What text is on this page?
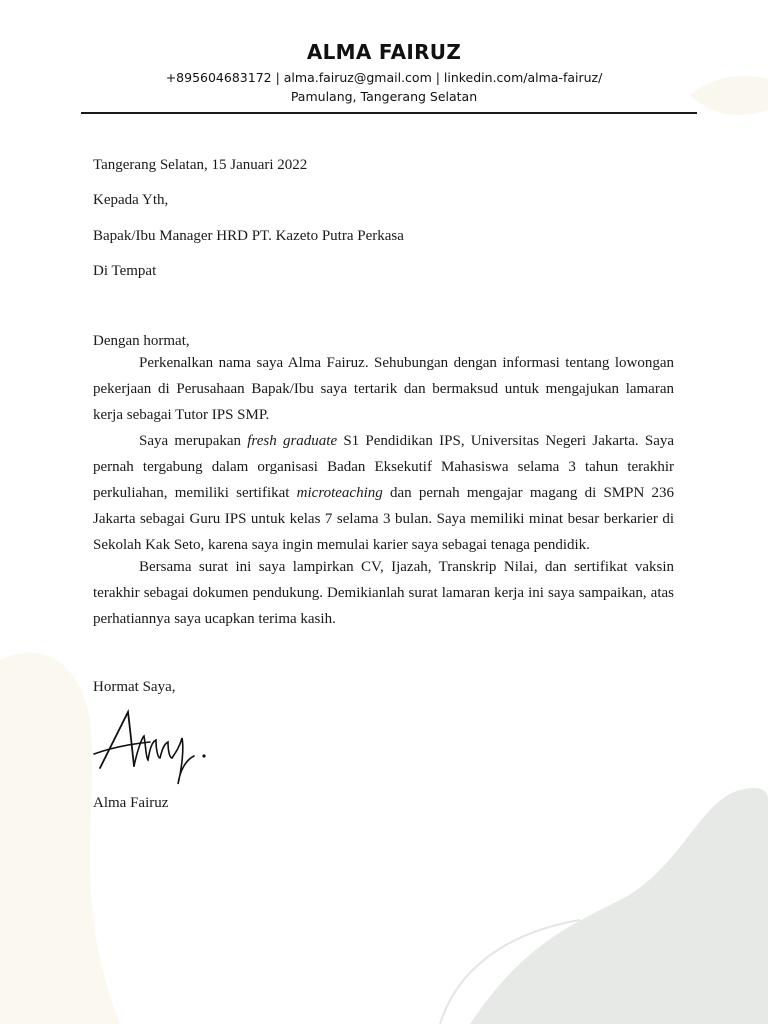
ALMA FAIRUZ
+895604683172 | alma.fairuz@gmail.com | linkedin.com/alma-fairuz/
Pamulang, Tangerang Selatan
Tangerang Selatan, 15 Januari 2022
Kepada Yth,
Bapak/Ibu Manager HRD PT. Kazeto Putra Perkasa
Di Tempat
Dengan hormat,

Perkenalkan nama saya Alma Fairuz. Sehubungan dengan informasi tentang lowongan pekerjaan di Perusahaan Bapak/Ibu saya tertarik dan bermaksud untuk mengajukan lamaran kerja sebagai Tutor IPS SMP.

Saya merupakan fresh graduate S1 Pendidikan IPS, Universitas Negeri Jakarta. Saya pernah tergabung dalam organisasi Badan Eksekutif Mahasiswa selama 3 tahun terakhir perkuliahan, memiliki sertifikat microteaching dan pernah mengajar magang di SMPN 236 Jakarta sebagai Guru IPS untuk kelas 7 selama 3 bulan. Saya memiliki minat besar berkarier di Sekolah Kak Seto, karena saya ingin memulai karier saya sebagai tenaga pendidik.

Bersama surat ini saya lampirkan CV, Ijazah, Transkrip Nilai, dan sertifikat vaksin terakhir sebagai dokumen pendukung. Demikianlah surat lamaran kerja ini saya sampaikan, atas perhatiannya saya ucapkan terima kasih.

Hormat Saya,
Alma Fairuz
